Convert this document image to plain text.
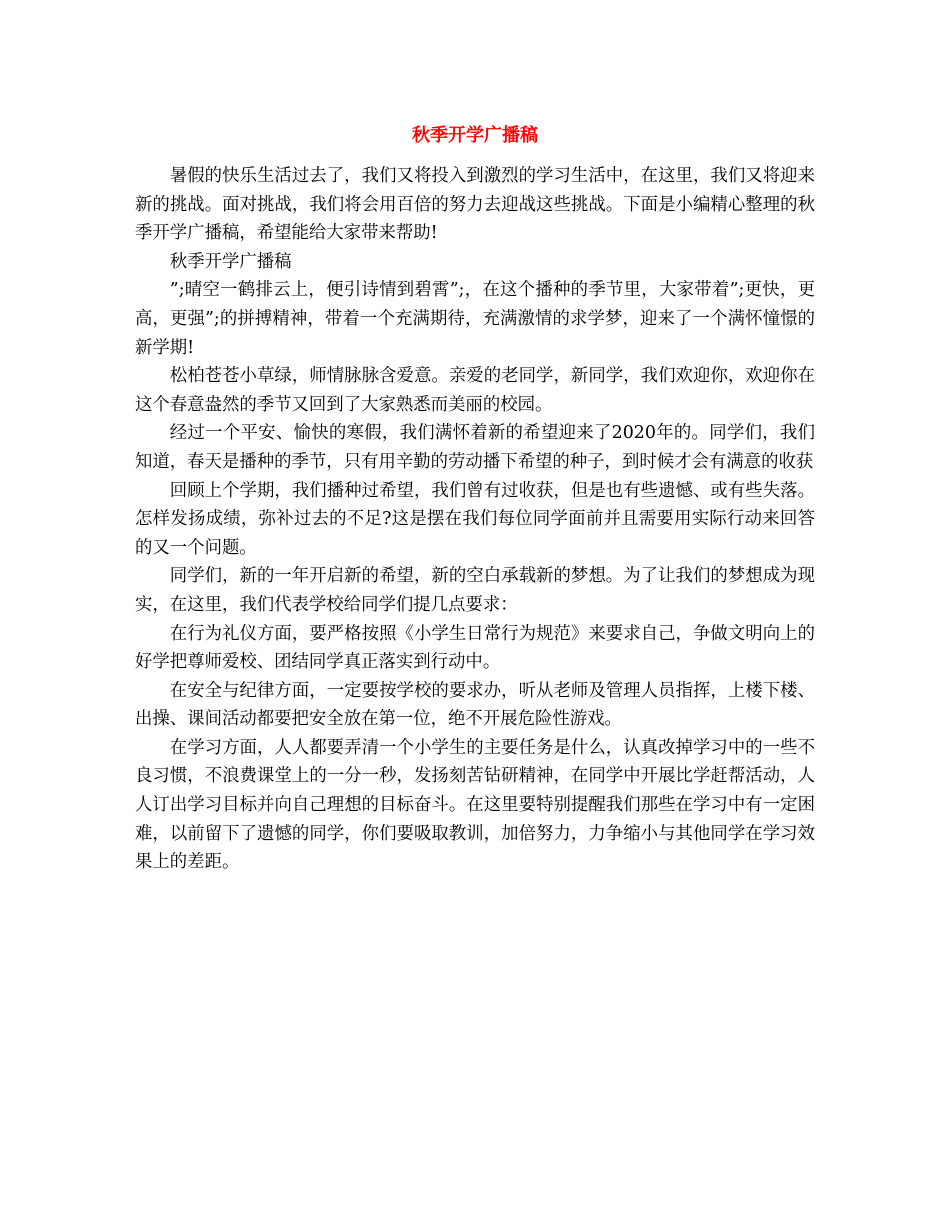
秋季开学广播稿

暑假的快乐生活过去了，我们又将投入到激烈的学习生活中，在这里，我们又将迎来新的挑战。面对挑战，我们将会用百倍的努力去迎战这些挑战。下面是小编精心整理的秋季开学广播稿，希望能给大家带来帮助!

秋季开学广播稿

”;晴空一鹤排云上，便引诗情到碧霄”;，在这个播种的季节里，大家带着”;更快，更高，更强”;的拼搏精神，带着一个充满期待，充满激情的求学梦，迎来了一个满怀憧憬的新学期!

松柏苍苍小草绿，师情脉脉含爱意。亲爱的老同学，新同学，我们欢迎你，欢迎你在这个春意盎然的季节又回到了大家熟悉而美丽的校园。

经过一个平安、愉快的寒假，我们满怀着新的希望迎来了2020年的。同学们，我们知道，春天是播种的季节，只有用辛勤的劳动播下希望的种子，到时候才会有满意的收获

回顾上个学期，我们播种过希望，我们曾有过收获，但是也有些遗憾、或有些失落。怎样发扬成绩，弥补过去的不足?这是摆在我们每位同学面前并且需要用实际行动来回答的又一个问题。

同学们，新的一年开启新的希望，新的空白承载新的梦想。为了让我们的梦想成为现实，在这里，我们代表学校给同学们提几点要求：

在行为礼仪方面，要严格按照《小学生日常行为规范》来要求自己，争做文明向上的好学把尊师爱校、团结同学真正落实到行动中。

在安全与纪律方面，一定要按学校的要求办，听从老师及管理人员指挥，上楼下楼、出操、课间活动都要把安全放在第一位，绝不开展危险性游戏。

在学习方面，人人都要弄清一个小学生的主要任务是什么，认真改掉学习中的一些不良习惯，不浪费课堂上的一分一秒，发扬刻苦钻研精神，在同学中开展比学赶帮活动，人人订出学习目标并向自己理想的目标奋斗。在这里要特别提醒我们那些在学习中有一定困难，以前留下了遗憾的同学，你们要吸取教训，加倍努力，力争缩小与其他同学在学习效果上的差距。
